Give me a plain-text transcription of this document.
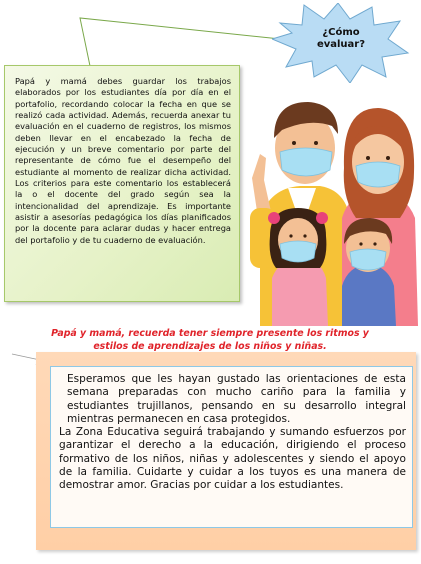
Papá y mamá debes guardar los trabajos elaborados por los estudiantes día por día en el portafolio, recordando colocar la fecha en que se realizó cada actividad. Además, recuerda anexar tu evaluación en el cuaderno de registros, los mismos deben llevar en el encabezado la fecha de ejecución y un breve comentario por parte del representante de cómo fue el desempeño del estudiante al momento de realizar dicha actividad. Los criterios para este comentario los establecerá la o el docente del grado según sea la intencionalidad del aprendizaje. Es importante asistir a asesorías pedagógica los días planificados por la docente para aclarar dudas y hacer entrega del portafolio y de tu cuaderno de evaluación.

¿Cómo
evaluar?
Papá y mamá, recuerda tener siempre presente los ritmos y
estilos de aprendizajes de los niños y niñas.

Esperamos que les hayan gustado las orientaciones de esta semana preparadas con mucho cariño para la familia y estudiantes trujillanos, pensando en su desarrollo integral mientras permanecen en casa protegidos.

La Zona Educativa seguirá trabajando y sumando esfuerzos por garantizar el derecho a la educación, dirigiendo el proceso formativo de los niños, niñas y adolescentes y siendo el apoyo de la familia. Cuidarte y cuidar a los tuyos es una manera de demostrar amor. Gracias por cuidar a los estudiantes.
